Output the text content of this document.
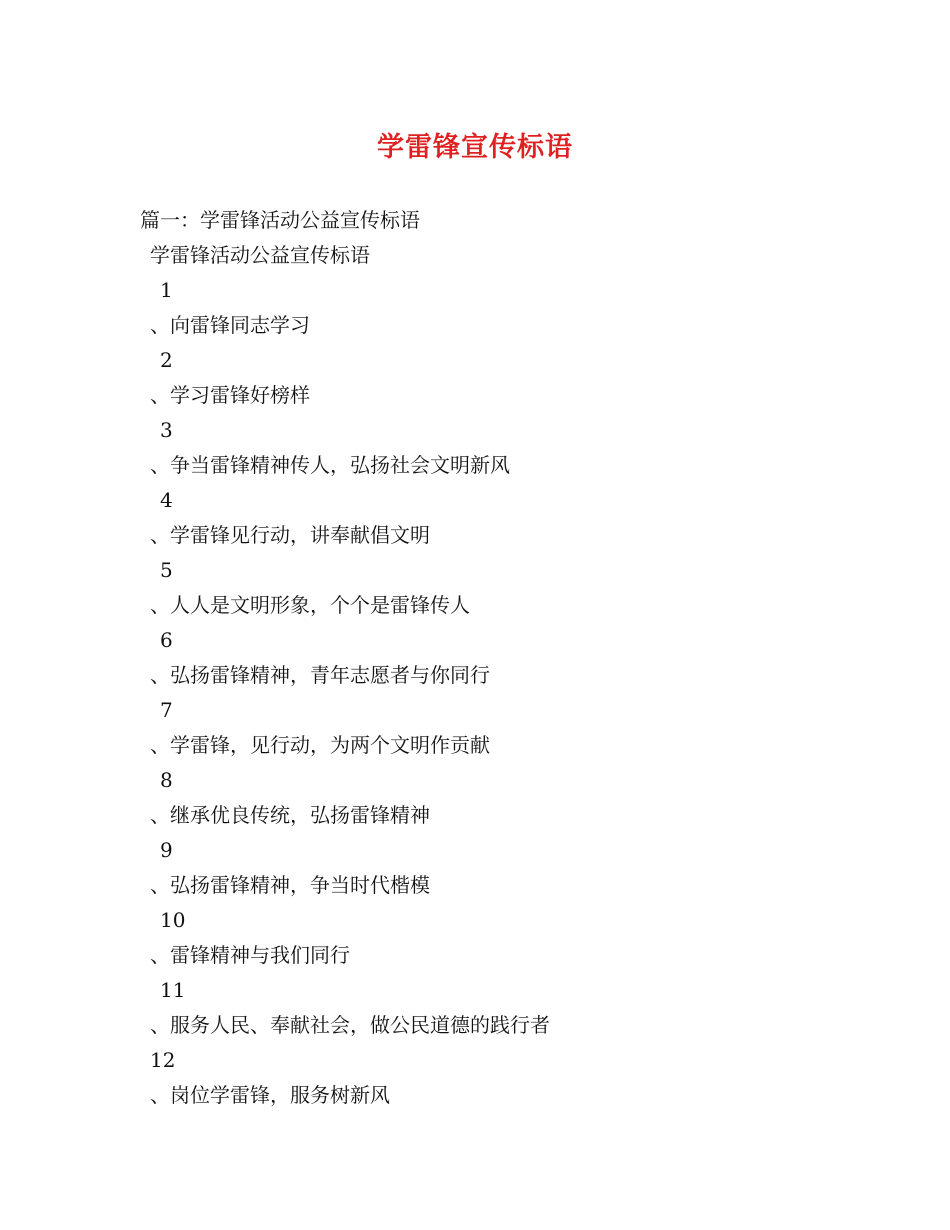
学雷锋宣传标语
篇一：学雷锋活动公益宣传标语
学雷锋活动公益宣传标语
1
、向雷锋同志学习
2
、学习雷锋好榜样
3
、争当雷锋精神传人，弘扬社会文明新风
4
、学雷锋见行动，讲奉献倡文明
5
、人人是文明形象，个个是雷锋传人
6
、弘扬雷锋精神，青年志愿者与你同行
7
、学雷锋，见行动，为两个文明作贡献
8
、继承优良传统，弘扬雷锋精神
9
、弘扬雷锋精神，争当时代楷模
10
、雷锋精神与我们同行
11
、服务人民、奉献社会，做公民道德的践行者
12
、岗位学雷锋，服务树新风
